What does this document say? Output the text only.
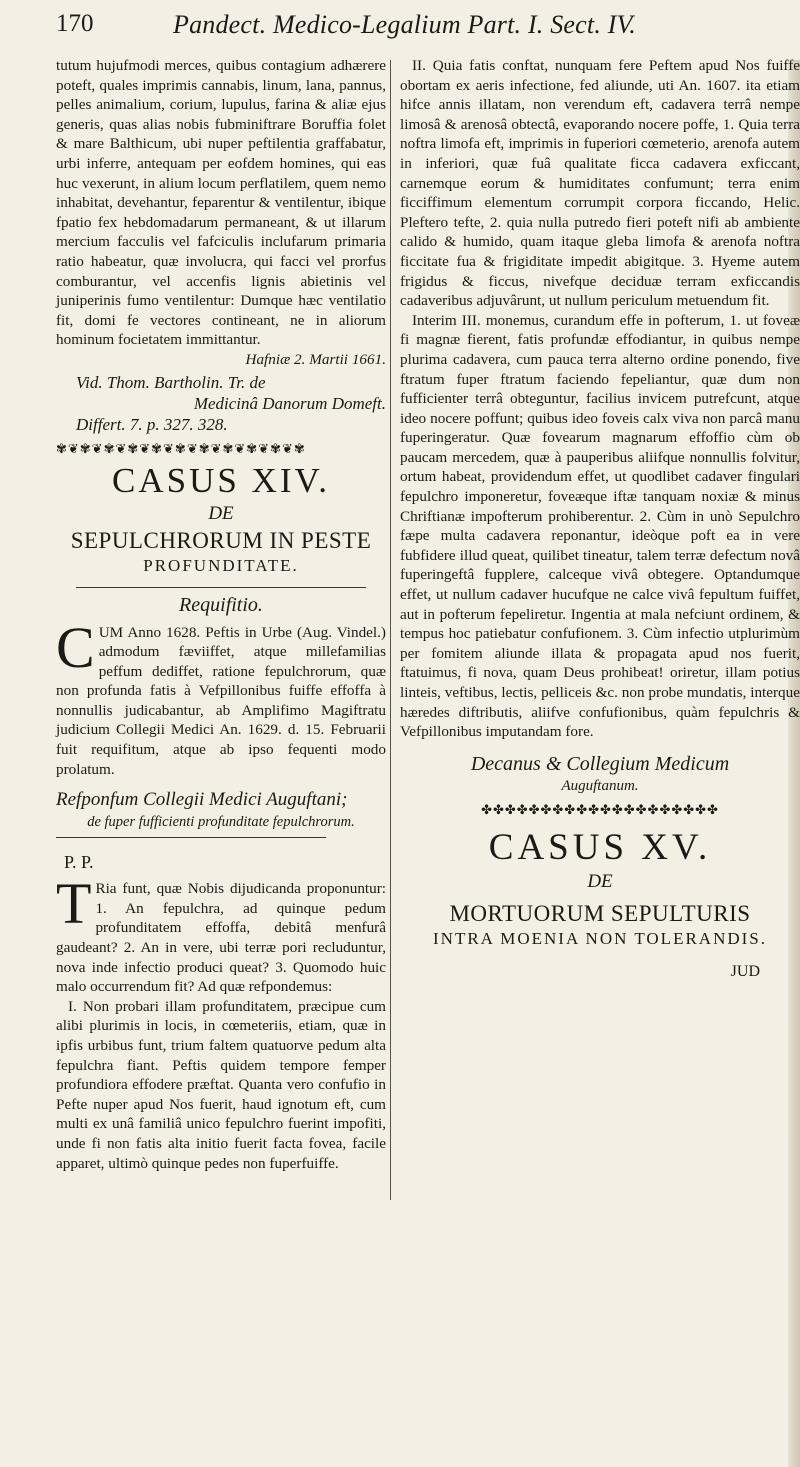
170	Pandect. Medico-Legalium Part. I. Sect. IV.

tutum hujufmodi merces, quibus contagium adhærere poteft, quales imprimis cannabis, linum, lana, pannus, pelles animalium, corium, lupulus, farina & aliæ ejus generis, quas alias nobis fubminiftrare Boruffia folet & mare Balthicum, ubi nuper peftilentia graffabatur, urbi inferre, antequam per eofdem homines, qui eas huc vexerunt, in alium locum perflatilem, quem nemo inhabitat, devehantur, feparentur & ventilentur, ibique fpatio fex hebdomadarum permaneant, & ut illarum mercium facculis vel fafciculis inclufarum primaria ratio habeatur, quæ involucra, qui facci vel prorfus comburantur, vel accenfis lignis abietinis vel juniperinis fumo ventilentur: Dumque hæc ventilatio fit, domi fe vectores contineant, ne in aliorum hominum focietatem immittantur.

Hafniæ 2. Martii 1661.

Vid. Thom. Bartholin. Tr. de
Medicinâ Danorum Domeft.
Differt. 7. p. 327. 328.
✾❦✾❦✾❦✾❦✾❦✾❦✾❦✾❦✾❦✾❦✾

CASUS XIV.

DE

SEPULCHRORUM IN PESTE

PROFUNDITATE.

Requifitio.

CUM Anno 1628. Peftis in Urbe (Aug. Vindel.) admodum fæviiffet, atque millefamilias peffum dediffet, ratione fepulchrorum, quæ non profunda fatis à Vefpillonibus fuiffe effoffa à nonnullis judicabantur, ab Amplifimo Magiftratu judicium Collegii Medici An. 1629. d. 15. Februarii fuit requifitum, atque ab ipso fequenti modo prolatum.

Refponfum Collegii Medici Auguftani;

de fuper fufficienti profunditate fepulchrorum.

P. P.

T Ria funt, quæ Nobis dijudicanda proponuntur: 1. An fepulchra, ad quinque pedum profunditatem effoffa, debitâ menfurâ gaudeant? 2. An in vere, ubi terræ pori recluduntur, nova inde infectio produci queat? 3. Quomodo huic malo occurrendum fit? Ad quæ refpondemus:

I. Non probari illam profunditatem, præcipue cum alibi plurimis in locis, in cœmeteriis, etiam, quæ in ipfis urbibus funt, trium faltem quatuorve pedum alta fepulchra fiant. Peftis quidem tempore femper profundiora effodere præftat. Quanta vero confufio in Pefte nuper apud Nos fuerit, haud ignotum eft, cum multi ex unâ familiâ unico fepulchro fuerint impofiti, unde fi non fatis alta initio fuerit facta fovea, facile apparet, ultimò quinque pedes non fuperfuiffe.

II. Quia fatis conftat, nunquam fere Peftem apud Nos fuiffe obortam ex aeris infectione, fed aliunde, uti An. 1607. ita etiam hifce annis illatam, non verendum eft, cadavera terrâ nempe limosâ & arenosâ obtectâ, evaporando nocere poffe, 1. Quia terra noftra limofa eft, imprimis in fuperiori cœmeterio, arenofa autem in inferiori, quæ fuâ qualitate ficca cadavera exficcant, carnemque eorum & humiditates confumunt; terra enim ficciffimum elementum corrumpit corpora ficcando, Helic. Pleftero tefte, 2. quia nulla putredo fieri poteft nifi ab ambiente calido & humido, quam itaque gleba limofa & arenofa noftra ficcitate fua & frigiditate impedit abigitque. 3. Hyeme autem frigidus & ficcus, nivefque deciduæ terram exficcandis cadaveribus adjuvârunt, ut nullum periculum metuendum fit.

Interim III. monemus, curandum effe in pofterum, 1. ut foveæ fi magnæ fierent, fatis profundæ effodiantur, in quibus nempe plurima cadavera, cum pauca terra alterno ordine ponendo, five ftratum fuper ftratum faciendo fepeliantur, quæ dum non fufficienter terrâ obteguntur, facilius invicem putrefcunt, atque ideo nocere poffunt; quibus ideo foveis calx viva non parcâ manu fuperingeratur. Quæ fovearum magnarum effoffio cùm ob paucam mercedem, quæ à pauperibus aliifque nonnullis folvitur, ortum habeat, providendum effet, ut quodlibet cadaver fingulari fepulchro imponeretur, foveæque iftæ tanquam noxiæ & minus Chriftianæ impofterum prohiberentur. 2. Cùm in unò Sepulchro fæpe multa cadavera reponantur, ideòque poft ea in vere fubfidere illud queat, quilibet tineatur, talem terræ defectum novâ fuperingeftâ fupplere, calceque vivâ obtegere. Optandumque effet, ut nullum cadaver hucufque ne calce vivâ fepultum fuiffet, aut in pofterum fepeliretur. Ingentia at mala nefciunt ordinem, & tempus hoc patiebatur confufionem. 3. Cùm infectio utplurimùm per fomitem aliunde illata & propagata apud nos fuerit, ftatuimus, fi nova, quam Deus prohibeat! oriretur, illam potius linteis, veftibus, lectis, pelliceis &c. non probe mundatis, interque hæredes diftributis, aliifve confufionibus, quàm fepulchris & Vefpillonibus imputandam fore.

Decanus & Collegium Medicum

Auguftanum.

✤✤✤✤✤✤✤✤✤✤✤✤✤✤✤✤✤✤✤✤

CASUS XV.

DE

MORTUORUM SEPULTURIS

INTRA MOENIA NON TOLERANDIS.

JUD
